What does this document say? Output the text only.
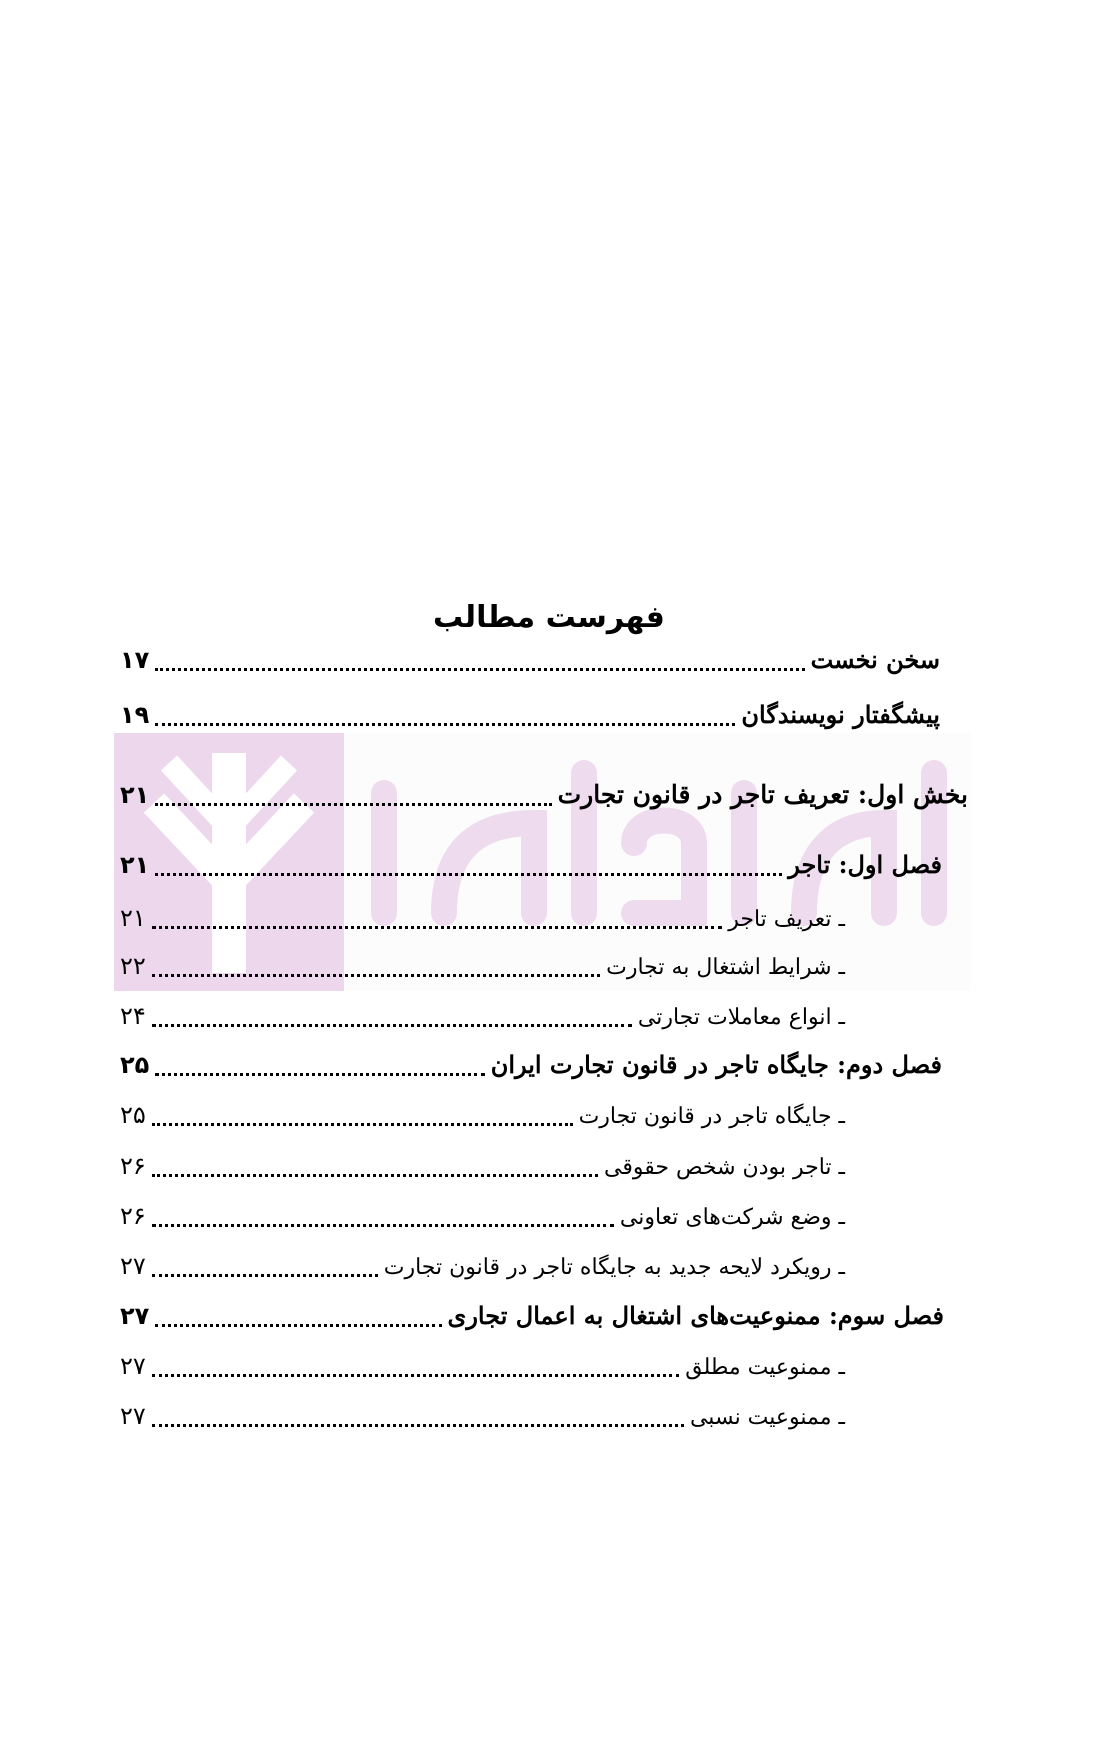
فهرست مطالب
سخن نخست
۱۷
پیشگفتار نویسندگان
۱۹
بخش اول: تعریف تاجر در قانون تجارت
۲۱
فصل اول: تاجر
۲۱
ـ تعریف تاجر
۲۱
ـ شرایط اشتغال به تجارت
۲۲
ـ انواع معاملات تجارتی
۲۴
فصل دوم: جایگاه تاجر در قانون تجارت ایران
۲۵
ـ جایگاه تاجر در قانون تجارت
۲۵
ـ تاجر بودن شخص حقوقی
۲۶
ـ وضع شرکت‌های تعاونی
۲۶
ـ رویکرد لایحه جدید به جایگاه تاجر در قانون تجارت
۲۷
فصل سوم: ممنوعیت‌های اشتغال به اعمال تجاری
۲۷
ـ ممنوعیت مطلق
۲۷
ـ ممنوعیت نسبی
۲۷
